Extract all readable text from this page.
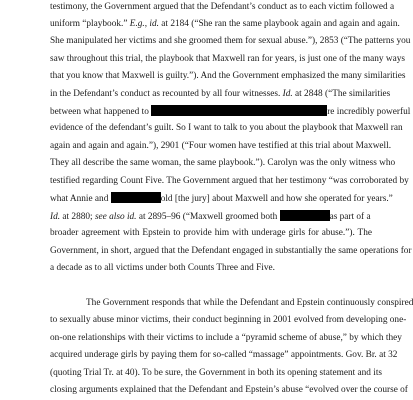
testimony, the Government argued that the Defendant’s conduct as to each victim followed a
uniform “playbook.” E.g., id. at 2184 (“She ran the same playbook again and again and again.
She manipulated her victims and she groomed them for sexual abuse.”), 2853 (“The patterns you
saw throughout this trial, the playbook that Maxwell ran for years, is just one of the many ways
that you know that Maxwell is guilty.”). And the Government emphasized the many similarities
in the Defendant’s conduct as recounted by all four witnesses. Id. at 2848 (“The similarities
between what happened to	re incredibly powerful
evidence of the defendant’s guilt. So I want to talk to you about the playbook that Maxwell ran
again and again and again.”), 2901 (“Four women have testified at this trial about Maxwell.
They all describe the same woman, the same playbook.”). Carolyn was the only witness who
testified regarding Count Five. The Government argued that her testimony “was corroborated by
what Annie and	old [the jury] about Maxwell and how she operated for years.”
Id. at 2880; see also id. at 2895–96 (“Maxwell groomed both	as part of a
broader agreement with Epstein to provide him with underage girls for abuse.”). The
Government, in short, argued that the Defendant engaged in substantially the same operations for
a decade as to all victims under both Counts Three and Five.
The Government responds that while the Defendant and Epstein continuously conspired
to sexually abuse minor victims, their conduct beginning in 2001 evolved from developing one-
on-one relationships with their victims to include a “pyramid scheme of abuse,” by which they
acquired underage girls by paying them for so-called “massage” appointments. Gov. Br. at 32
(quoting Trial Tr. at 40). To be sure, the Government in both its opening statement and its
closing arguments explained that the Defendant and Epstein’s abuse “evolved over the course of
